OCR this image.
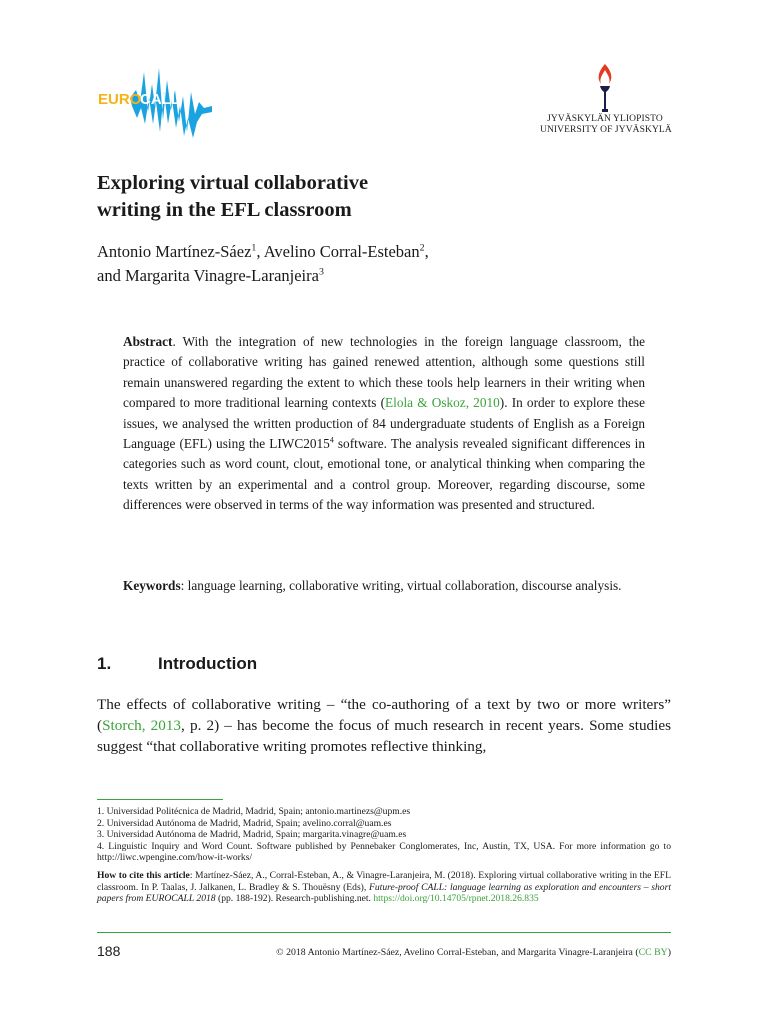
EURO
CALL
JYVÄSKYLÄN YLIOPISTO
UNIVERSITY OF JYVÄSKYLÄ
Exploring virtual collaborative
writing in the EFL classroom

Antonio Martínez-Sáez$^1$, Avelino Corral-Esteban$^2$,
and Margarita Vinagre-Laranjeira$^3$

Abstract. With the integration of new technologies in the foreign language classroom, the practice of collaborative writing has gained renewed attention, although some questions still remain unanswered regarding the extent to which these tools help learners in their writing when compared to more traditional learning contexts (Elola & Oskoz, 2010). In order to explore these issues, we analysed the written production of 84 undergraduate students of English as a Foreign Language (EFL) using the LIWC2015$^4$ software. The analysis revealed significant differences in categories such as word count, clout, emotional tone, or analytical thinking when comparing the texts written by an experimental and a control group. Moreover, regarding discourse, some differences were observed in terms of the way information was presented and structured.

Keywords: language learning, collaborative writing, virtual collaboration, discourse analysis.

1.	Introduction

The effects of collaborative writing – “the co-authoring of a text by two or more writers” (Storch, 2013, p. 2) – has become the focus of much research in recent years. Some studies suggest “that collaborative writing promotes reflective thinking,

1. Universidad Politécnica de Madrid, Madrid, Spain; antonio.martinezs@upm.es
2. Universidad Autónoma de Madrid, Madrid, Spain; avelino.corral@uam.es
3. Universidad Autónoma de Madrid, Madrid, Spain; margarita.vinagre@uam.es
4. Linguistic Inquiry and Word Count. Software published by Pennebaker Conglomerates, Inc, Austin, TX, USA. For more information go to http://liwc.wpengine.com/how-it-works/

How to cite this article: Martínez-Sáez, A., Corral-Esteban, A., & Vinagre-Laranjeira, M. (2018). Exploring virtual collaborative writing in the EFL classroom. In P. Taalas, J. Jalkanen, L. Bradley & S. Thouësny (Eds), Future-proof CALL: language learning as exploration and encounters – short papers from EUROCALL 2018 (pp. 188-192). Research-publishing.net. https://doi.org/10.14705/rpnet.2018.26.835

188	© 2018 Antonio Martínez-Sáez, Avelino Corral-Esteban, and Margarita Vinagre-Laranjeira (CC BY)
